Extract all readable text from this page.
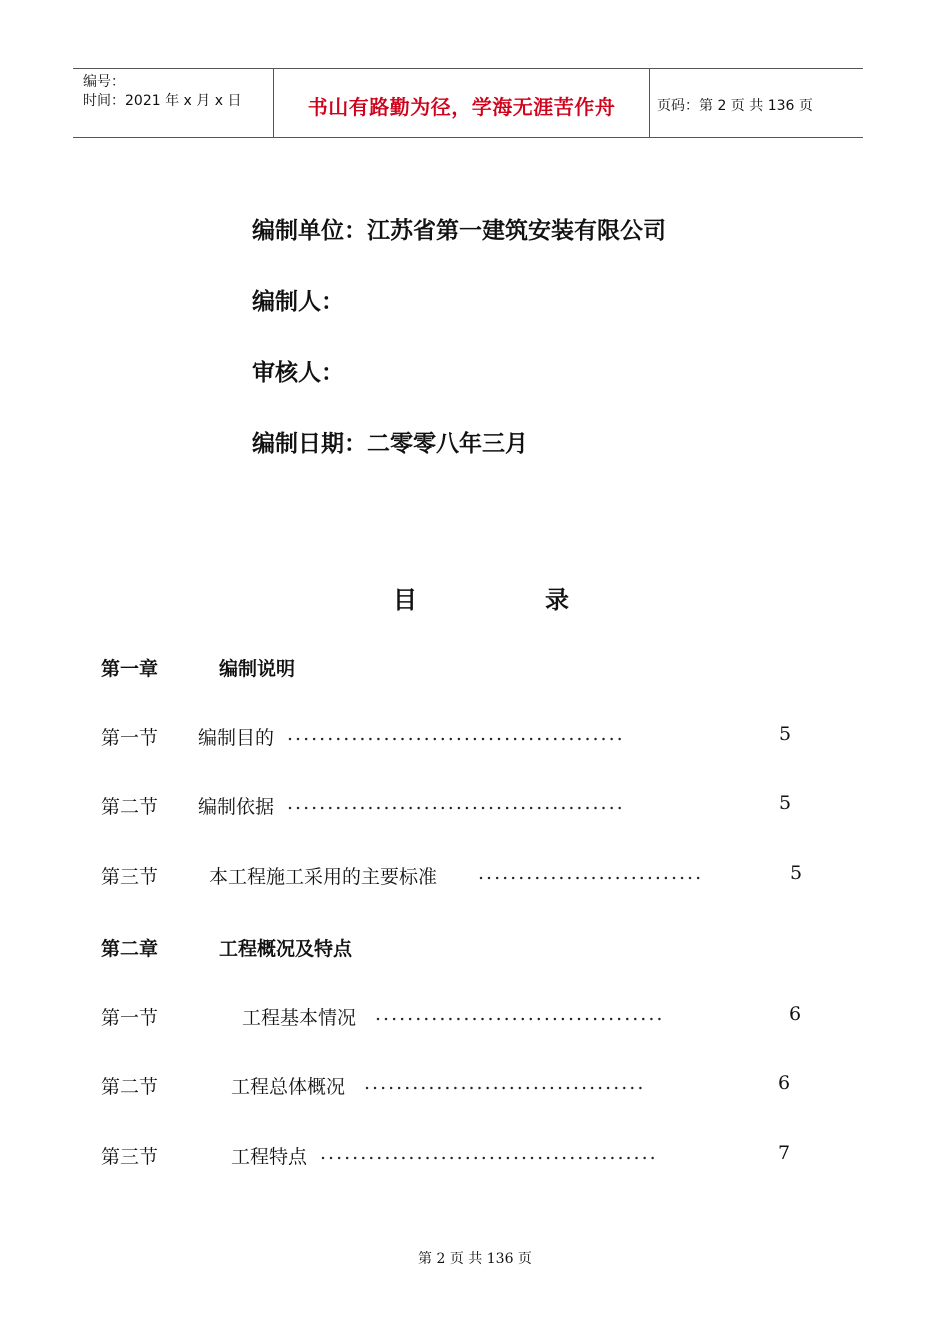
编号：
时间：2021 年 x 月 x 日	书山有路勤为径，学海无涯苦作舟	页码：第 2 页 共 136 页
编制单位：江苏省第一建筑安装有限公司
编制人：
审核人：
编制日期：二零零八年三月
目	录
第一章	编制说明
第一节 编制目的 ..........................................	5
第二节 编制依据 ..........................................	5
第三节	本工程施工采用的主要标准 ............................	5
第二章	工程概况及特点
第一节	工程基本情况 ....................................	6
第二节	工程总体概况 ...................................	6
第三节	工程特点 ..........................................	7
第 2 页 共 136 页
